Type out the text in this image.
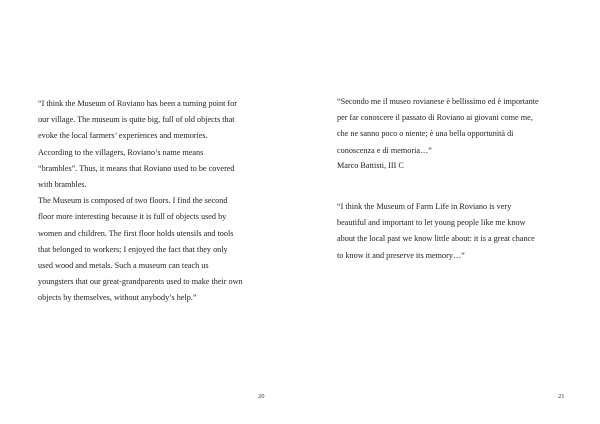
“I think the Museum of Roviano has been a turning point for
our village. The museum is quite big, full of old objects that
evoke the local farmers’ experiences and memories.
According to the villagers, Roviano’s name means
“brambles”. Thus, it means that Roviano used to be covered
with brambles.
The Museum is composed of two floors. I find the second
floor more interesting because it is full of objects used by
women and children. The first floor holds utensils and tools
that belonged to workers; I enjoyed the fact that they only
used wood and metals. Such a museum can teach us
youngsters that our great-grandparents used to make their own
objects by themselves, without anybody’s help.”
20
“Secondo me il museo rovianese è bellissimo ed è importante
per far conoscere il passato di Roviano ai giovani come me,
che ne sanno poco o niente; è una bella opportunità di
conoscenza e di memoria…”
Marco Battisti, III C
“I think the Museum of Farm Life in Roviano is very
beautiful and important to let young people like me know
about the local past we know little about: it is a great chance
to know it and preserve its memory…”
21
